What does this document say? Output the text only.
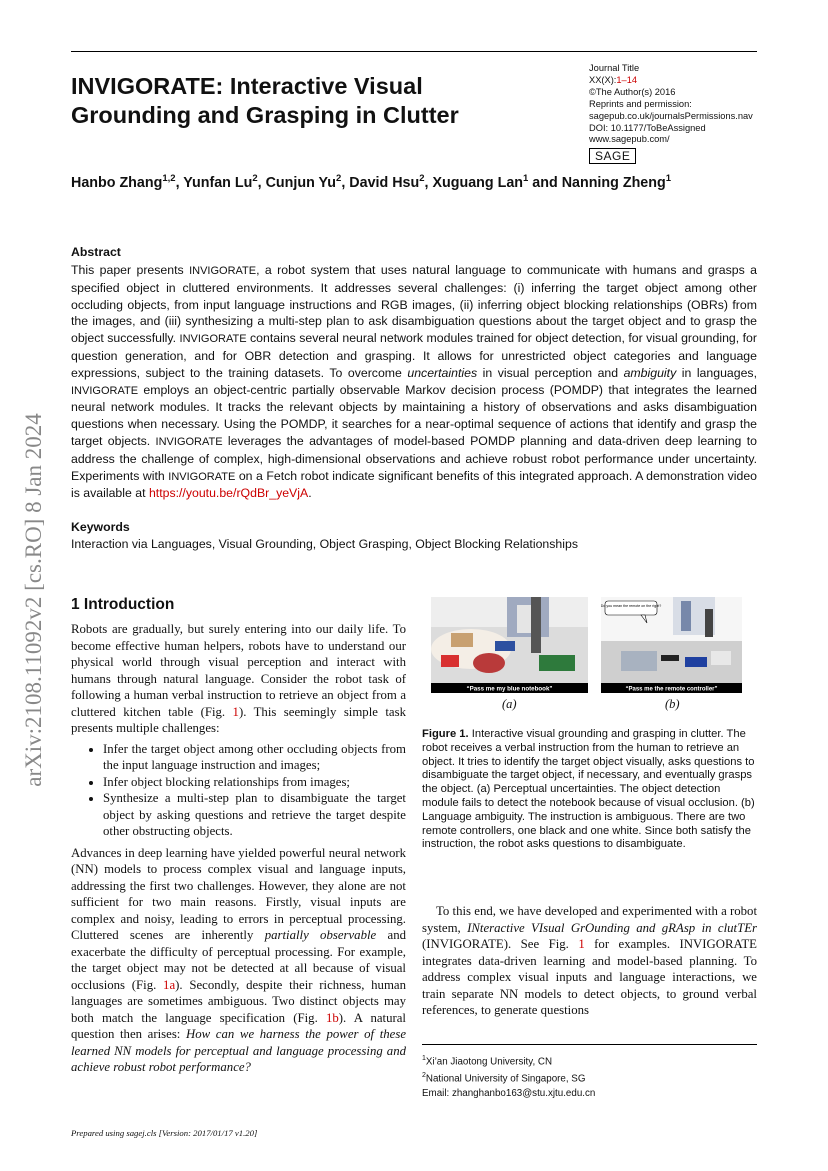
INVIGORATE: Interactive Visual
Grounding and Grasping in Clutter
Journal Title
XX(X):1–14
©The Author(s) 2016
Reprints and permission:
sagepub.co.uk/journalsPermissions.nav
DOI: 10.1177/ToBeAssigned
www.sagepub.com/
SAGE
Hanbo Zhang$^{1,2}$, Yunfan Lu$^2$, Cunjun Yu$^2$, David Hsu$^2$, Xuguang Lan$^1$ and Nanning Zheng$^1$
Abstract
This paper presents INVIGORATE, a robot system that uses natural language to communicate with humans and grasps a specified object in cluttered environments. It addresses several challenges: (i) inferring the target object among other occluding objects, from input language instructions and RGB images, (ii) inferring object blocking relationships (OBRs) from the images, and (iii) synthesizing a multi-step plan to ask disambiguation questions about the target object and to grasp the object successfully. INVIGORATE contains several neural network modules trained for object detection, for visual grounding, for question generation, and for OBR detection and grasping. It allows for unrestricted object categories and language expressions, subject to the training datasets. To overcome uncertainties in visual perception and ambiguity in languages, INVIGORATE employs an object-centric partially observable Markov decision process (POMDP) that integrates the learned neural network modules. It tracks the relevant objects by maintaining a history of observations and asks disambiguation questions when necessary. Using the POMDP, it searches for a near-optimal sequence of actions that identify and grasp the target objects. INVIGORATE leverages the advantages of model-based POMDP planning and data-driven deep learning to address the challenge of complex, high-dimensional observations and achieve robust robot performance under uncertainty. Experiments with INVIGORATE on a Fetch robot indicate significant benefits of this integrated approach. A demonstration video is available at https://youtu.be/rQdBr_yeVjA.
Keywords
Interaction via Languages, Visual Grounding, Object Grasping, Object Blocking Relationships
arXiv:2108.11092v2 [cs.RO] 8 Jan 2024 1 Introduction

Robots are gradually, but surely entering into our daily life. To become effective human helpers, robots have to understand our physical world through visual perception and interact with humans through natural language. Consider the robot task of following a human verbal instruction to retrieve an object from a cluttered kitchen table (Fig. 1). This seemingly simple task presents multiple challenges:

• Infer the target object among other occluding objects from the input language instruction and images;
• Infer object blocking relationships from images;
• Synthesize a multi-step plan to disambiguate the target object by asking questions and retrieve the target despite other obstructing objects.

Advances in deep learning have yielded powerful neural network (NN) models to process complex visual and language inputs, addressing the first two challenges. However, they alone are not sufficient for two main reasons. Firstly, visual inputs are complex and noisy, leading to errors in perceptual processing. Cluttered scenes are inherently partially observable and exacerbate the difficulty of perceptual processing. For example, the target object may not be detected at all because of visual occlusions (Fig. 1a). Secondly, despite their richness, human languages are sometimes ambiguous. Two distinct objects may both match the language specification (Fig. 1b). A natural question then arises: How can we harness the power of these learned NN models for perceptual and language processing and achieve robust robot performance?

“Pass me my blue notebook”
(a)
Do you mean the remote on the right?
“Pass me the remote controller”
(b)
Figure 1. Interactive visual grounding and grasping in clutter. The robot receives a verbal instruction from the human to retrieve an object. It tries to identify the target object visually, asks questions to disambiguate the target object, if necessary, and eventually grasps the object. (a) Perceptual uncertainties. The object detection module fails to detect the notebook because of visual occlusion. (b) Language ambiguity. The instruction is ambiguous. There are two remote controllers, one black and one white. Since both satisfy the instruction, the robot asks questions to disambiguate.
To this end, we have developed and experimented with a robot system, INteractive VIsual GrOunding and gRAsp in clutTEr (INVIGORATE). See Fig. 1 for examples. INVIGORATE integrates data-driven learning and model-based planning. To address complex visual inputs and language interactions, we train separate NN models to detect objects, to ground verbal references, to generate questions
$^1$Xi’an Jiaotong University, CN
$^2$National University of Singapore, SG
Email: zhanghanbo163@stu.xjtu.edu.cn
Prepared using sagej.cls [Version: 2017/01/17 v1.20]
